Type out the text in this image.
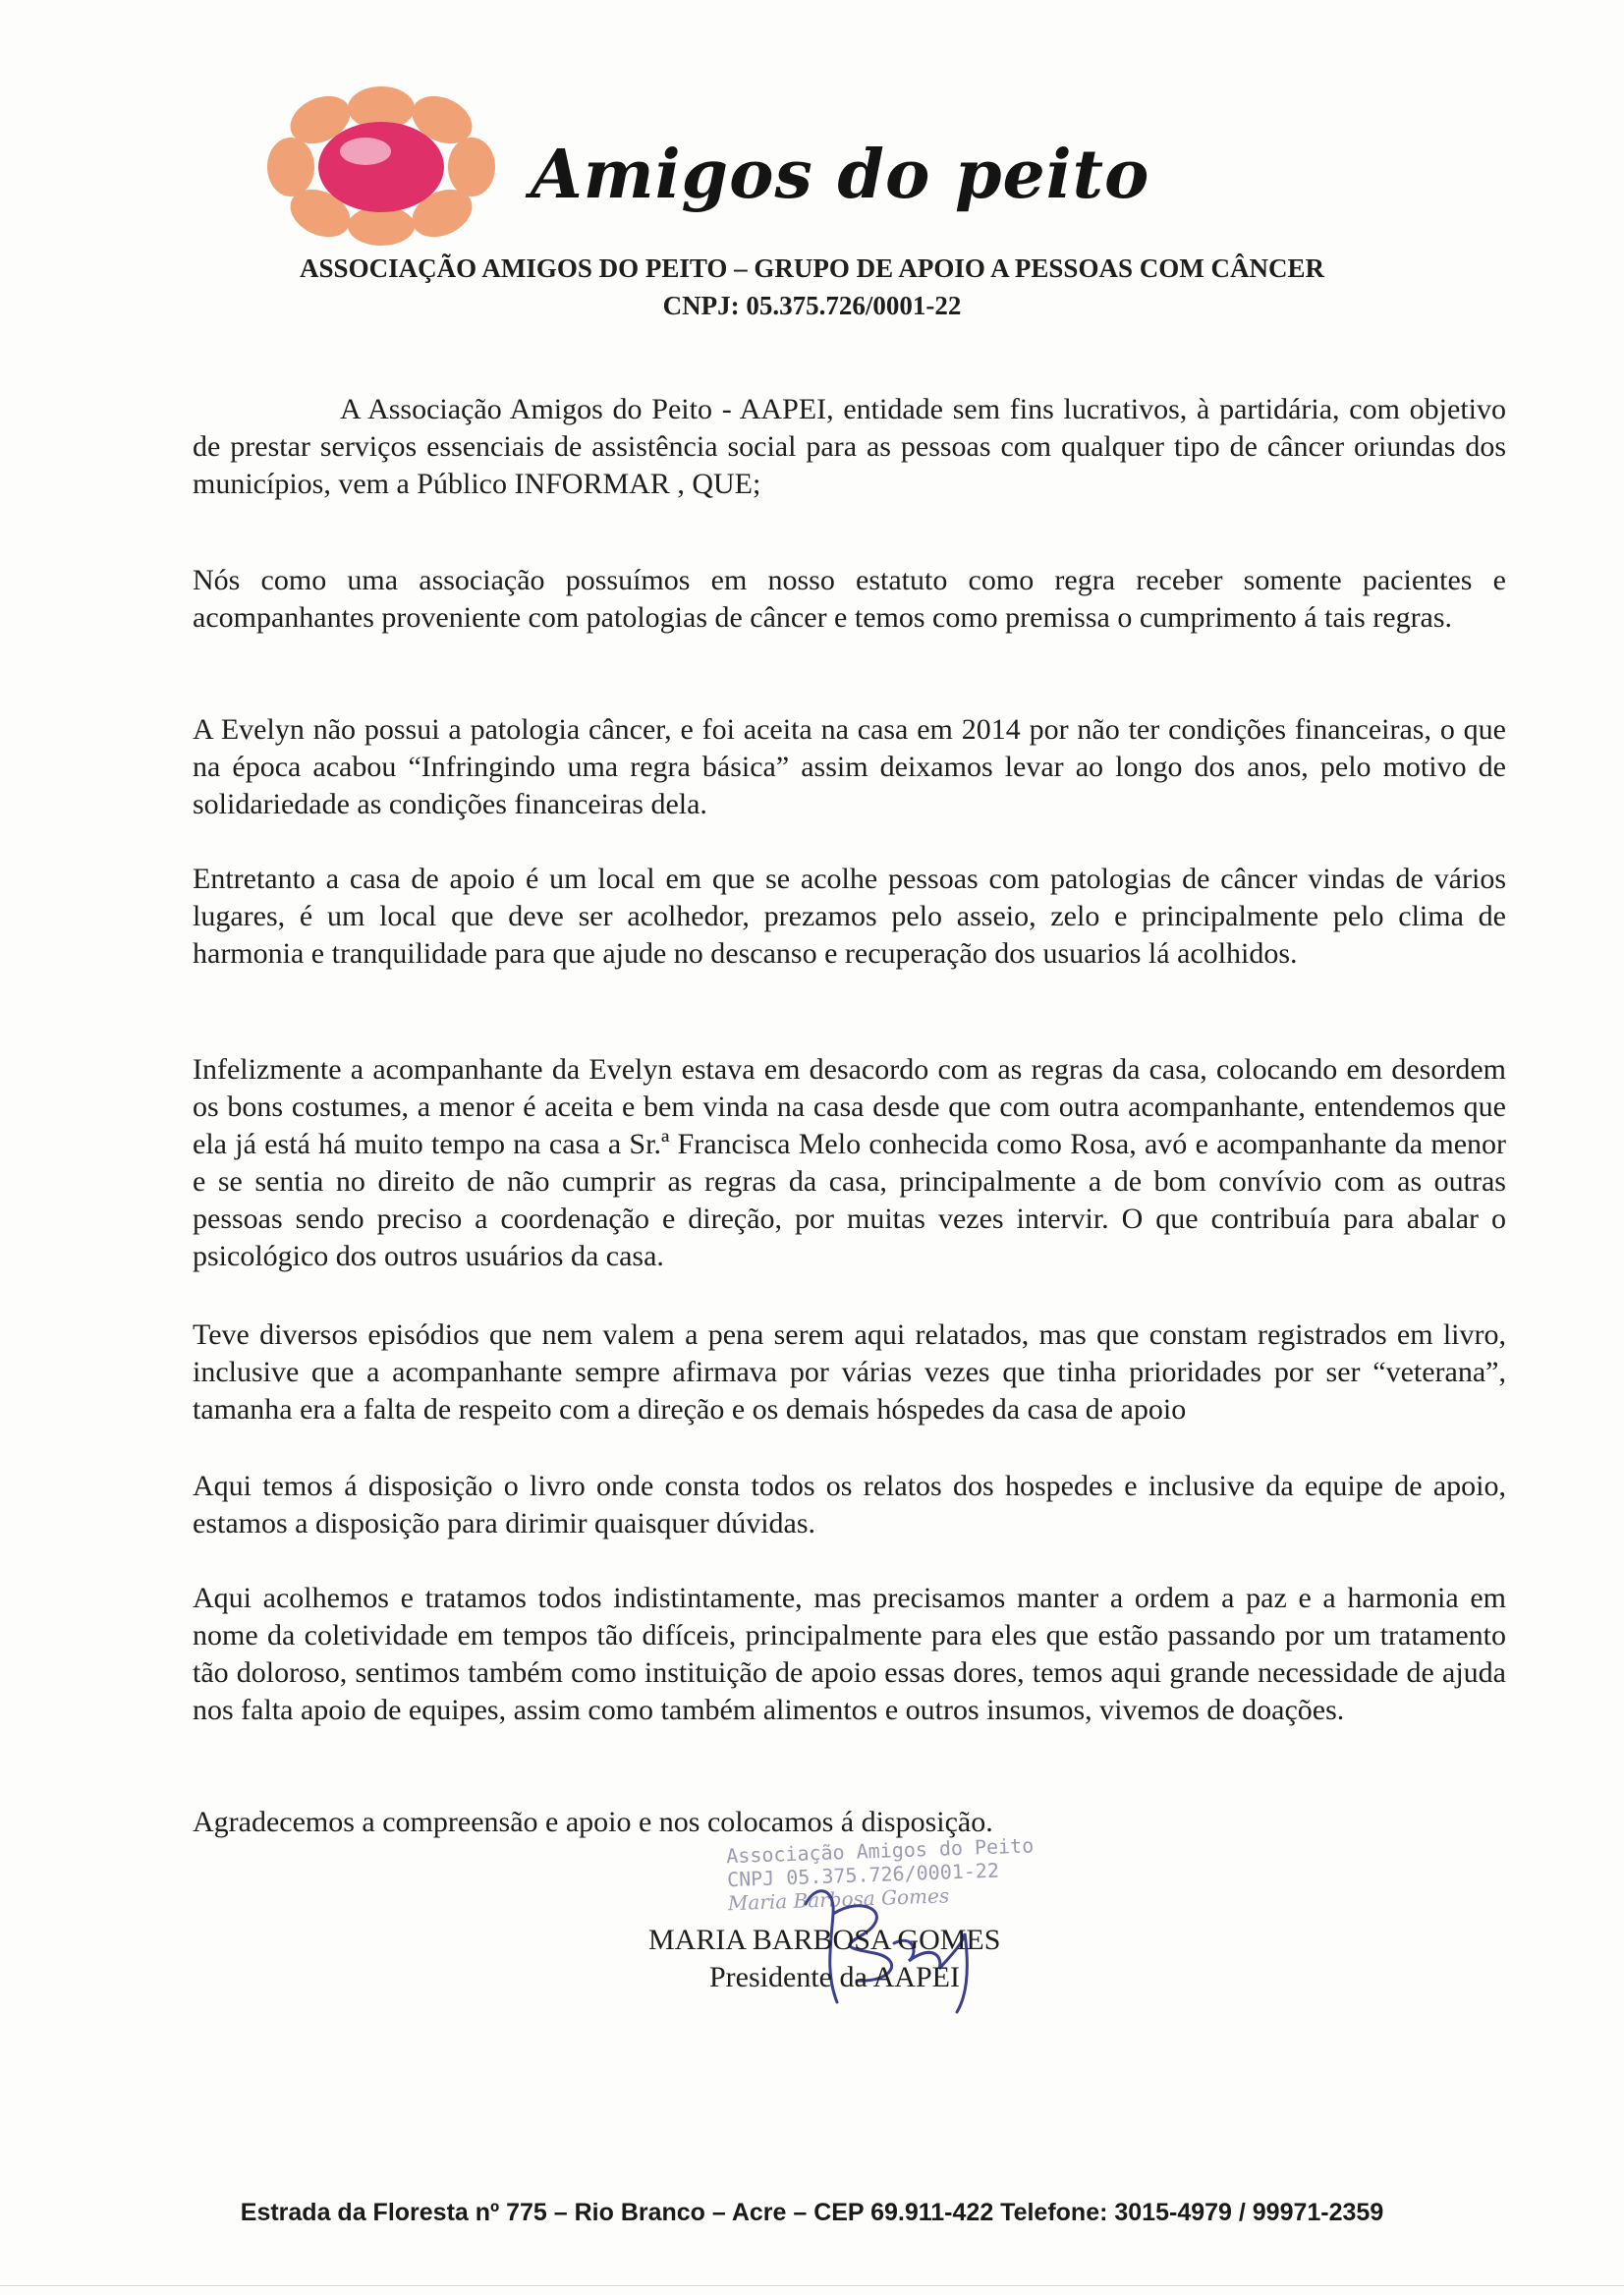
Amigos do peito
ASSOCIAÇÃO AMIGOS DO PEITO – GRUPO DE APOIO A PESSOAS COM CÂNCER
CNPJ: 05.375.726/0001-22

A Associação Amigos do Peito - AAPEI, entidade sem fins lucrativos, à partidária, com objetivo de prestar serviços essenciais de assistência social para as pessoas com qualquer tipo de câncer oriundas dos municípios, vem a Público INFORMAR , QUE;

Nós como uma associação possuímos em nosso estatuto como regra receber somente pacientes e acompanhantes proveniente com patologias de câncer e temos como premissa o cumprimento á tais regras.

A Evelyn não possui a patologia câncer, e foi aceita na casa em 2014 por não ter condições financeiras, o que na época acabou “Infringindo uma regra básica” assim deixamos levar ao longo dos anos, pelo motivo de solidariedade as condições financeiras dela.

Entretanto a casa de apoio é um local em que se acolhe pessoas com patologias de câncer vindas de vários lugares, é um local que deve ser acolhedor, prezamos pelo asseio, zelo e principalmente pelo clima de harmonia e tranquilidade para que ajude no descanso e recuperação dos usuarios lá acolhidos.

Infelizmente a acompanhante da Evelyn estava em desacordo com as regras da casa, colocando em desordem os bons costumes, a menor é aceita e bem vinda na casa desde que com outra acompanhante, entendemos que ela já está há muito tempo na casa a Sr.ª Francisca Melo conhecida como Rosa, avó e acompanhante da menor e se sentia no direito de não cumprir as regras da casa, principalmente a de bom convívio com as outras pessoas sendo preciso a coordenação e direção, por muitas vezes intervir. O que contribuía para abalar o psicológico dos outros usuários da casa.

Teve diversos episódios que nem valem a pena serem aqui relatados, mas que constam registrados em livro, inclusive que a acompanhante sempre afirmava por várias vezes que tinha prioridades por ser “veterana”, tamanha era a falta de respeito com a direção e os demais hóspedes da casa de apoio

Aqui temos á disposição o livro onde consta todos os relatos dos hospedes e inclusive da equipe de apoio, estamos a disposição para dirimir quaisquer dúvidas.

Aqui acolhemos e tratamos todos indistintamente, mas precisamos manter a ordem a paz e a harmonia em nome da coletividade em tempos tão difíceis, principalmente para eles que estão passando por um tratamento tão doloroso, sentimos também como instituição de apoio essas dores, temos aqui grande necessidade de ajuda nos falta apoio de equipes, assim como também alimentos e outros insumos, vivemos de doações.

Agradecemos a compreensão e apoio e nos colocamos á disposição.

Associação Amigos do Peito
CNPJ 05.375.726/0001-22
Maria Barbosa Gomes
MARIA BARBOSA GOMES
Presidente da AAPEI
Estrada da Floresta nº 775 – Rio Branco – Acre – CEP 69.911-422 Telefone: 3015-4979 / 99971-2359
